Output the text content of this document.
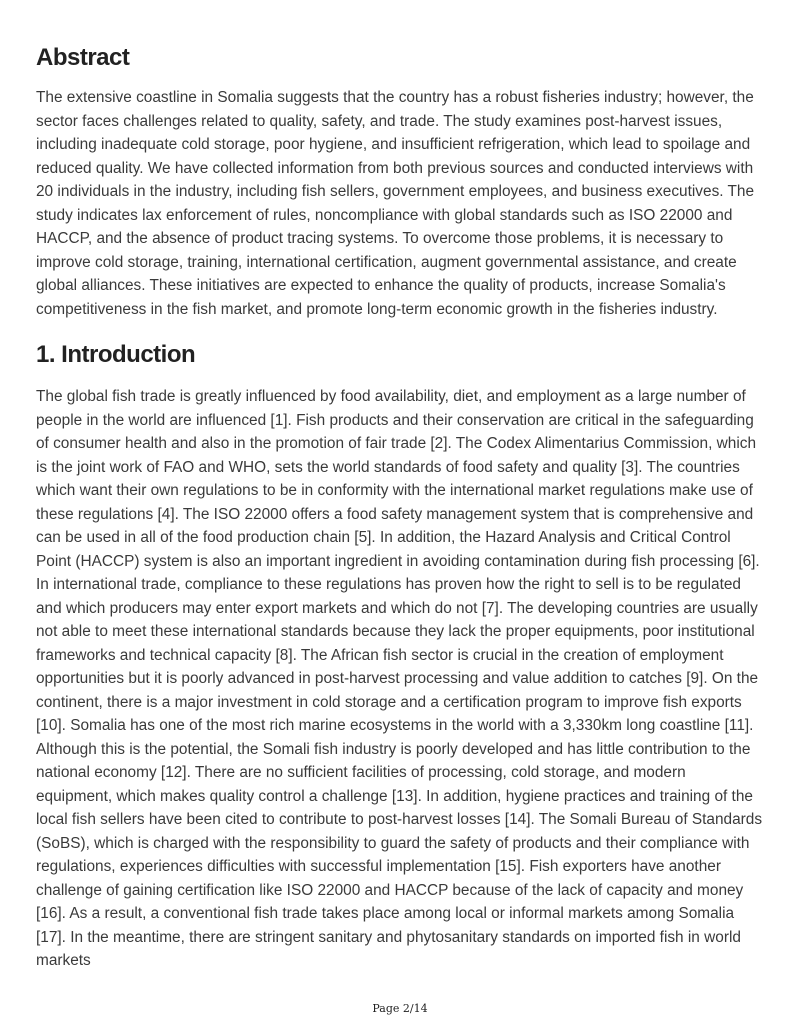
Abstract

The extensive coastline in Somalia suggests that the country has a robust fisheries industry; however, the sector faces challenges related to quality, safety, and trade. The study examines post-harvest issues, including inadequate cold storage, poor hygiene, and insufficient refrigeration, which lead to spoilage and reduced quality. We have collected information from both previous sources and conducted interviews with 20 individuals in the industry, including fish sellers, government employees, and business executives. The study indicates lax enforcement of rules, noncompliance with global standards such as ISO 22000 and HACCP, and the absence of product tracing systems. To overcome those problems, it is necessary to improve cold storage, training, international certification, augment governmental assistance, and create global alliances. These initiatives are expected to enhance the quality of products, increase Somalia's competitiveness in the fish market, and promote long-term economic growth in the fisheries industry.

1. Introduction

The global fish trade is greatly influenced by food availability, diet, and employment as a large number of people in the world are influenced [1]. Fish products and their conservation are critical in the safeguarding of consumer health and also in the promotion of fair trade [2]. The Codex Alimentarius Commission, which is the joint work of FAO and WHO, sets the world standards of food safety and quality [3]. The countries which want their own regulations to be in conformity with the international market regulations make use of these regulations [4]. The ISO 22000 offers a food safety management system that is comprehensive and can be used in all of the food production chain [5]. In addition, the Hazard Analysis and Critical Control Point (HACCP) system is also an important ingredient in avoiding contamination during fish processing [6]. In international trade, compliance to these regulations has proven how the right to sell is to be regulated and which producers may enter export markets and which do not [7]. The developing countries are usually not able to meet these international standards because they lack the proper equipments, poor institutional frameworks and technical capacity [8]. The African fish sector is crucial in the creation of employment opportunities but it is poorly advanced in post-harvest processing and value addition to catches [9]. On the continent, there is a major investment in cold storage and a certification program to improve fish exports [10]. Somalia has one of the most rich marine ecosystems in the world with a 3,330km long coastline [11]. Although this is the potential, the Somali fish industry is poorly developed and has little contribution to the national economy [12]. There are no sufficient facilities of processing, cold storage, and modern equipment, which makes quality control a challenge [13]. In addition, hygiene practices and training of the local fish sellers have been cited to contribute to post-harvest losses [14]. The Somali Bureau of Standards (SoBS), which is charged with the responsibility to guard the safety of products and their compliance with regulations, experiences difficulties with successful implementation [15]. Fish exporters have another challenge of gaining certification like ISO 22000 and HACCP because of the lack of capacity and money [16]. As a result, a conventional fish trade takes place among local or informal markets among Somalia [17]. In the meantime, there are stringent sanitary and phytosanitary standards on imported fish in world markets

Page 2/14
